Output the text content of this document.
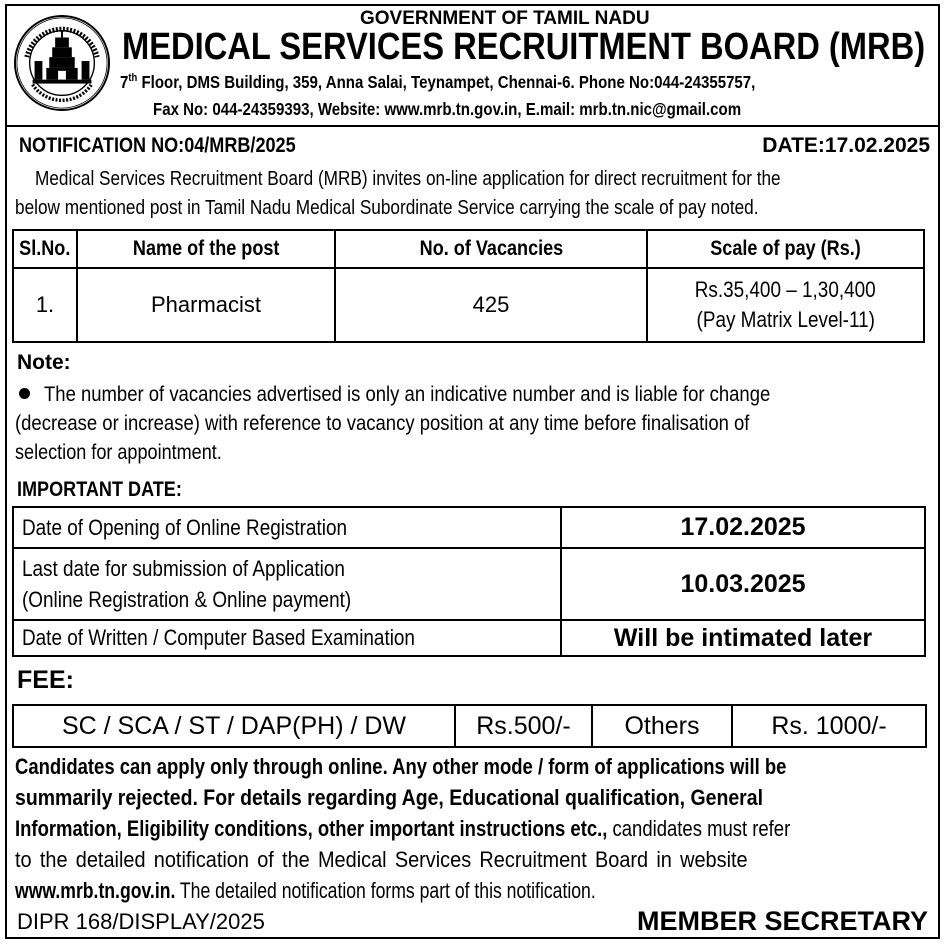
GOVERNMENT OF TAMIL NADU
MEDICAL SERVICES RECRUITMENT BOARD (MRB)
7th Floor, DMS Building, 359, Anna Salai, Teynampet, Chennai-6. Phone No:044-24355757,
Fax No: 044-24359393, Website: www.mrb.tn.gov.in, E.mail: mrb.tn.nic@gmail.com
NOTIFICATION NO:04/MRB/2025	DATE:17.02.2025
Medical Services Recruitment Board (MRB) invites on-line application for direct recruitment for the
below mentioned post in Tamil Nadu Medical Subordinate Service carrying the scale of pay noted.
Sl.No.	Name of the post	No. of Vacancies	Scale of pay (Rs.)
1.	Pharmacist	425	Rs.35,400 – 1,30,400
(Pay Matrix Level-11)
Note:
The number of vacancies advertised is only an indicative number and is liable for change
(decrease or increase) with reference to vacancy position at any time before finalisation of
selection for appointment.
IMPORTANT DATE:
Date of Opening of Online Registration	17.02.2025
Last date for submission of Application
(Online Registration & Online payment)	10.03.2025
Date of Written / Computer Based Examination	Will be intimated later
FEE:
SC / SCA / ST / DAP(PH) / DW	Rs.500/-	Others	Rs. 1000/-
Candidates can apply only through online. Any other mode / form of applications will be
summarily rejected. For details regarding Age, Educational qualification, General
Information, Eligibility conditions, other important instructions etc., candidates must refer
to the detailed notification of the Medical Services Recruitment Board in website
www.mrb.tn.gov.in. The detailed notification forms part of this notification.
DIPR 168/DISPLAY/2025	MEMBER SECRETARY
